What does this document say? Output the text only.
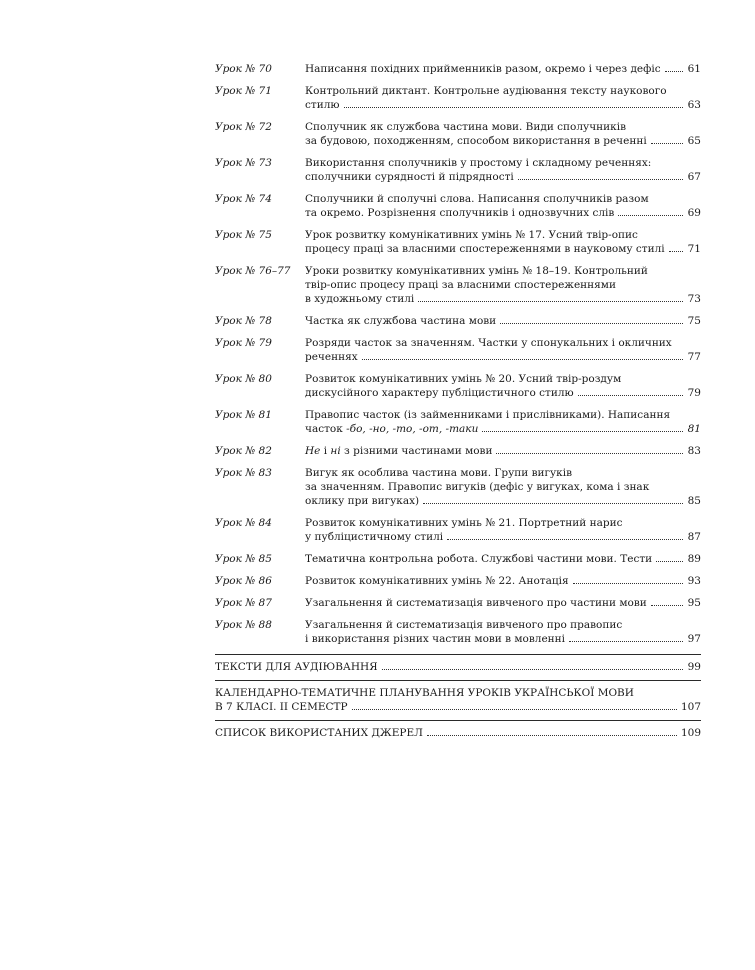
Урок № 70	Написання похідних прийменників разом, окремо і через дефіс	61
Урок № 71	Контрольний диктант. Контрольне аудіювання тексту наукового
стилю	63
Урок № 72	Сполучник як службова частина мови. Види сполучників
за будовою, походженням, способом використання в реченні	65
Урок № 73	Використання сполучників у простому і складному реченнях:
сполучники сурядності й підрядності	67
Урок № 74	Сполучники й сполучні слова. Написання сполучників разом
та окремо. Розрізнення сполучників і однозвучних слів	69
Урок № 75	Урок розвитку комунікативних умінь № 17. Усний твір-опис
процесу праці за власними спостереженнями в науковому стилі 71
Урок № 76–77	Уроки розвитку комунікативних умінь № 18–19. Контрольний
твір-опис процесу праці за власними спостереженнями
в художньому стилі	73
Урок № 78	Частка як службова частина мови	75
Урок № 79	Розряди часток за значенням. Частки у спонукальних і окличних
реченнях	77
Урок № 80	Розвиток комунікативних умінь № 20. Усний твір-роздум
дискусійного характеру публіцистичного стилю	79
Урок № 81	Правопис часток (із займенниками і прислівниками). Написання
часток -бо, -но, -то, -от, -таки	81
Урок № 82	Не і ні з різними частинами мови	83
Урок № 83	Вигук як особлива частина мови. Групи вигуків
за значенням. Правопис вигуків (дефіс у вигуках, кома і знак
оклику при вигуках)	85
Урок № 84	Розвиток комунікативних умінь № 21. Портретний нарис
у публіцистичному стилі	87
Урок № 85	Тематична контрольна робота. Службові частини мови. Тести	89
Урок № 86	Розвиток комунікативних умінь № 22. Анотація	93
Урок № 87	Узагальнення й систематизація вивченого про частини мови	95
Урок № 88	Узагальнення й систематизація вивченого про правопис
і використання різних частин мови в мовленні	97
ТЕКСТИ ДЛЯ АУДІЮВАННЯ	99
КАЛЕНДАРНО-ТЕМАТИЧНЕ ПЛАНУВАННЯ УРОКІВ УКРАЇНСЬКОЇ МОВИ
В 7 КЛАСІ. ІІ СЕМЕСТР	107
СПИСОК ВИКОРИСТАНИХ ДЖЕРЕЛ	109
